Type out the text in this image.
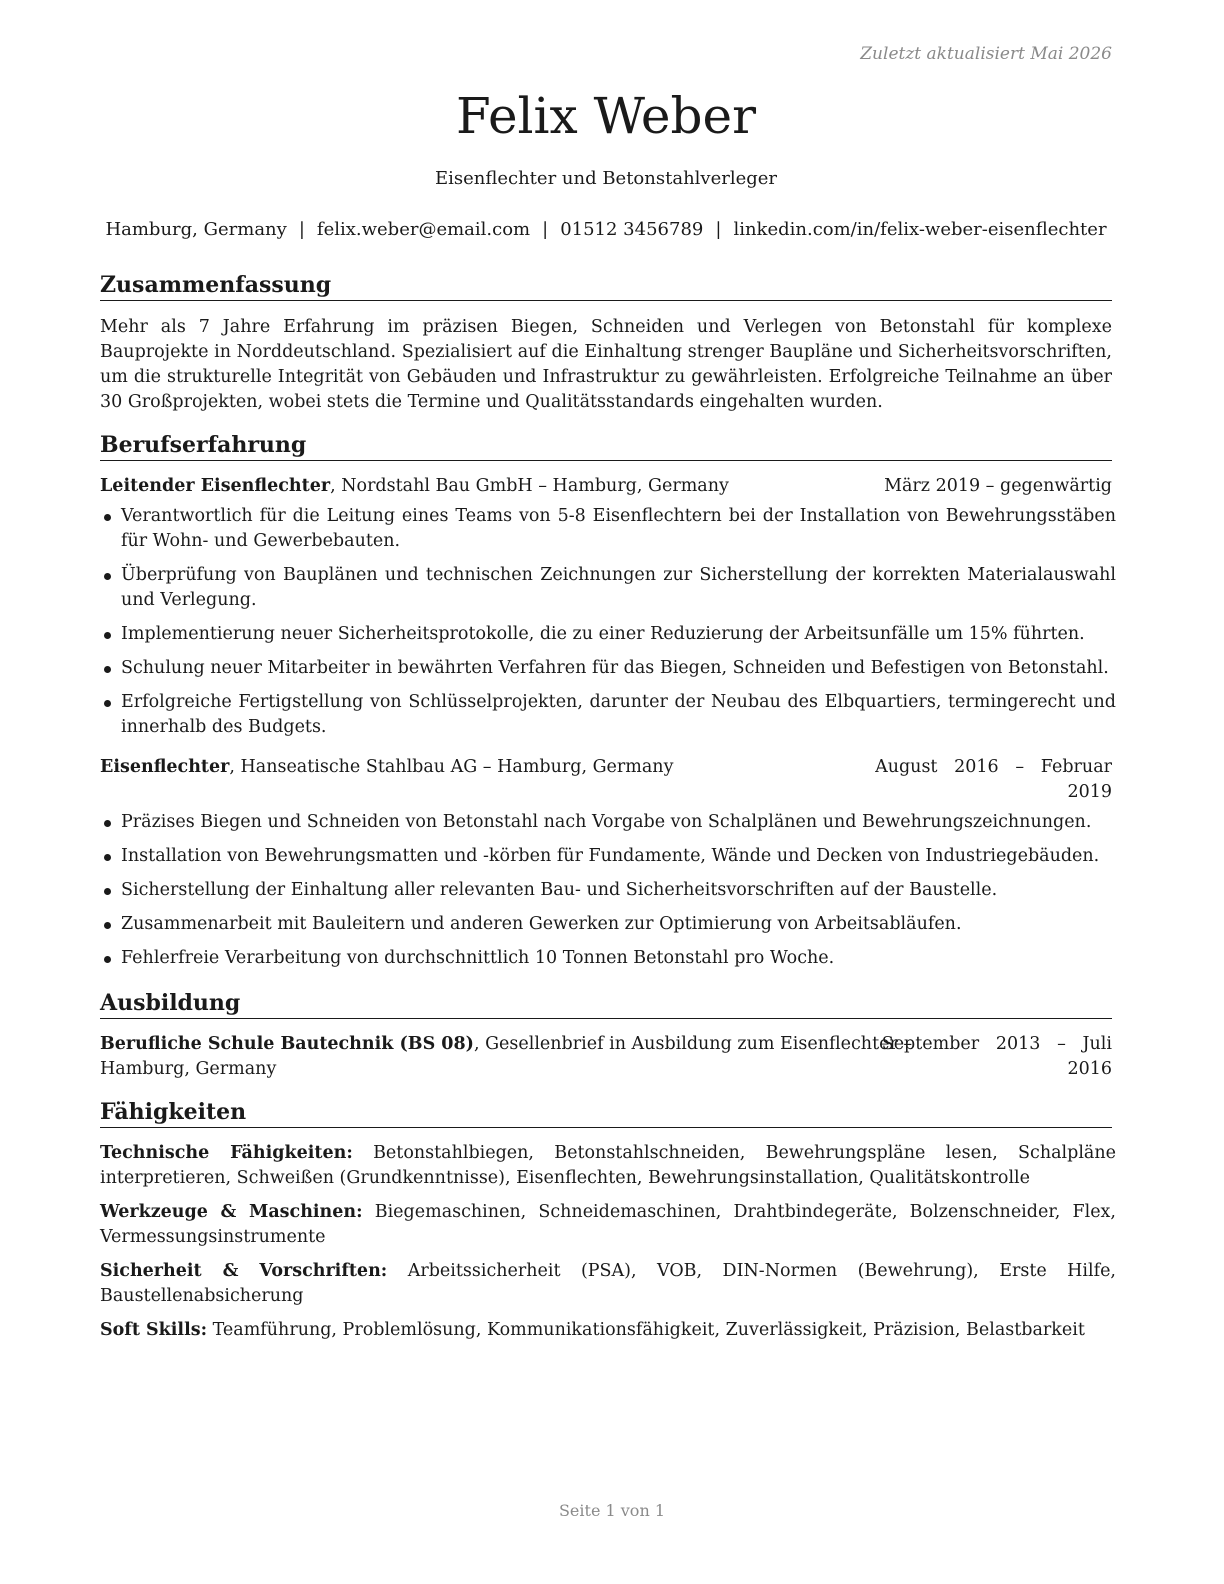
Zuletzt aktualisiert Mai 2026
Felix Weber
Eisenflechter und Betonstahlverleger
Hamburg, Germany | felix.weber@email.com | 01512 3456789 | linkedin.com/in/felix-weber-eisenflechter
Zusammenfassung
Mehr als 7 Jahre Erfahrung im präzisen Biegen, Schneiden und Verlegen von Betonstahl für komplexe Bauprojekte in Norddeutschland. Spezialisiert auf die Einhaltung strenger Baupläne und Sicherheitsvorschriften, um die strukturelle Integrität von Gebäuden und Infrastruktur zu gewährleisten. Erfolgreiche Teilnahme an über 30 Großprojekten, wobei stets die Termine und Qualitätsstandards eingehalten wurden.
Berufserfahrung
Leitender Eisenflechter, Nordstahl Bau GmbH – Hamburg, Germany	März 2019 – gegenwärtig
Verantwortlich für die Leitung eines Teams von 5-8 Eisenflechtern bei der Installation von Bewehrungsstäben für Wohn- und Gewerbebauten.
Überprüfung von Bauplänen und technischen Zeichnungen zur Sicherstellung der korrekten Materialauswahl und Verlegung.
Implementierung neuer Sicherheitsprotokolle, die zu einer Reduzierung der Arbeitsunfälle um 15% führten.
Schulung neuer Mitarbeiter in bewährten Verfahren für das Biegen, Schneiden und Befestigen von Betonstahl.
Erfolgreiche Fertigstellung von Schlüsselprojekten, darunter der Neubau des Elbquartiers, termingerecht und innerhalb des Budgets.
Eisenflechter, Hanseatische Stahlbau AG – Hamburg, Germany	August   2016   –   Februar
2019
Präzises Biegen und Schneiden von Betonstahl nach Vorgabe von Schalplänen und Bewehrungszeichnungen.
Installation von Bewehrungsmatten und -körben für Fundamente, Wände und Decken von Industriegebäuden.
Sicherstellung der Einhaltung aller relevanten Bau- und Sicherheitsvorschriften auf der Baustelle.
Zusammenarbeit mit Bauleitern und anderen Gewerken zur Optimierung von Arbeitsabläufen.
Fehlerfreie Verarbeitung von durchschnittlich 10 Tonnen Betonstahl pro Woche.
Ausbildung
Berufliche Schule Bautechnik (BS 08), Gesellenbrief in Ausbildung zum Eisenflechter –
Hamburg, Germany
September   2013   –   Juli
2016
Fähigkeiten
Technische Fähigkeiten: Betonstahlbiegen, Betonstahlschneiden, Bewehrungspläne lesen, Schalpläne interpretieren, Schweißen (Grundkenntnisse), Eisenflechten, Bewehrungsinstallation, Qualitätskontrolle
Werkzeuge & Maschinen: Biegemaschinen, Schneidemaschinen, Drahtbindegeräte, Bolzenschneider, Flex, Vermessungsinstrumente
Sicherheit & Vorschriften: Arbeitssicherheit (PSA), VOB, DIN-Normen (Bewehrung), Erste Hilfe, Baustellenabsicherung
Soft Skills: Teamführung, Problemlösung, Kommunikationsfähigkeit, Zuverlässigkeit, Präzision, Belastbarkeit
Seite 1 von 1
